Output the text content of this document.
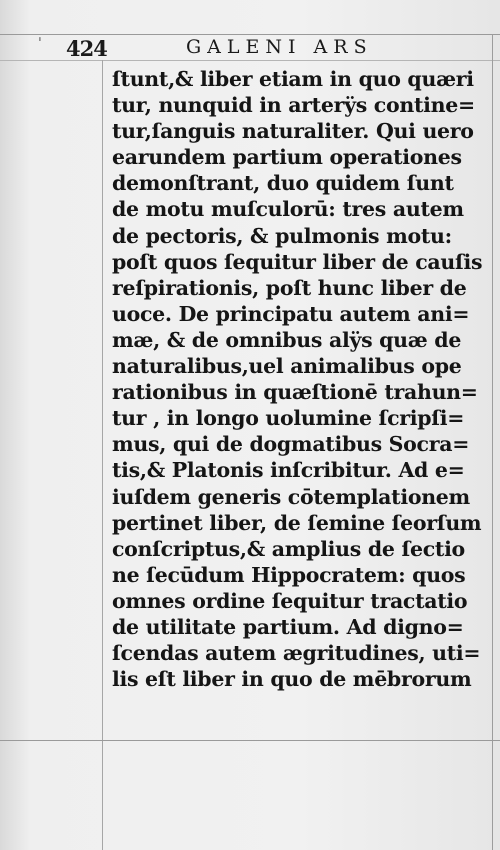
ˈ 424	GALENI ARS
ſtunt,& liber etiam in quo quæri
tur, nunquid in arterÿs contine=
tur,ſanguis naturaliter. Qui uero
earundem partium operationes
demonſtrant, duo quidem ſunt
de motu muſculorū: tres autem
de pectoris, & pulmonis motu:
poſt quos ſequitur liber de cauſis
reſpirationis, poſt hunc liber de
uoce. De principatu autem ani=
mæ, & de omnibus alÿs quæ de
naturalibus,uel animalibus ope
rationibus in quæſtionē trahun=
tur , in longo uolumine ſcripſi=
mus, qui de dogmatibus Socra=
tis,& Platonis inſcribitur. Ad e=
iuſdem generis cōtemplationem
pertinet liber, de ſemine ſeorſum
conſcriptus,& amplius de ſectio
ne ſecūdum Hippocratem: quos
omnes ordine ſequitur tractatio
de utilitate partium. Ad digno=
ſcendas autem ægritudines, uti=
lis eſt liber in quo de mēbrorum
